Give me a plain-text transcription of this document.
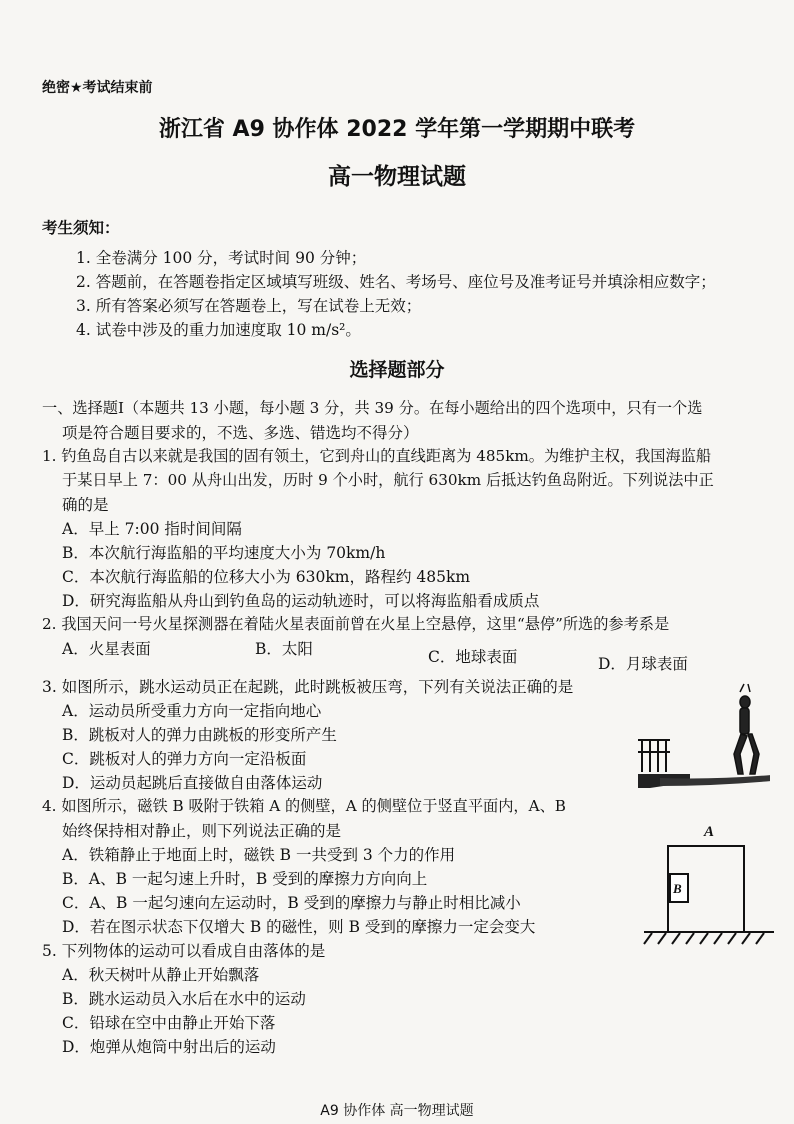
绝密★考试结束前
浙江省 A9 协作体 2022 学年第一学期期中联考
高一物理试题
考生须知：
1. 全卷满分 100 分，考试时间 90 分钟；
2. 答题前，在答题卷指定区域填写班级、姓名、考场号、座位号及准考证号并填涂相应数字；
3. 所有答案必须写在答题卷上，写在试卷上无效；
4. 试卷中涉及的重力加速度取 10 m/s²。
选择题部分
一、选择题Ⅰ（本题共 13 小题，每小题 3 分，共 39 分。在每小题给出的四个选项中，只有一个选
项是符合题目要求的，不选、多选、错选均不得分）
1. 钓鱼岛自古以来就是我国的固有领土，它到舟山的直线距离为 485km。为维护主权，我国海监船
于某日早上 7：00 从舟山出发，历时 9 个小时，航行 630km 后抵达钓鱼岛附近。下列说法中正
确的是
A．早上 7:00 指时间间隔
B．本次航行海监船的平均速度大小为 70km/h
C．本次航行海监船的位移大小为 630km，路程约 485km
D．研究海监船从舟山到钓鱼岛的运动轨迹时，可以将海监船看成质点
2. 我国天问一号火星探测器在着陆火星表面前曾在火星上空悬停，这里“悬停”所选的参考系是
A．火星表面	B．太阳	C．地球表面	D．月球表面
3. 如图所示，跳水运动员正在起跳，此时跳板被压弯，下列有关说法正确的是
A．运动员所受重力方向一定指向地心
B．跳板对人的弹力由跳板的形变所产生
C．跳板对人的弹力方向一定沿板面
D．运动员起跳后直接做自由落体运动
4. 如图所示，磁铁 B 吸附于铁箱 A 的侧壁，A 的侧壁位于竖直平面内，A、B
始终保持相对静止，则下列说法正确的是
A．铁箱静止于地面上时，磁铁 B 一共受到 3 个力的作用
B．A、B 一起匀速上升时，B 受到的摩擦力方向向上
C．A、B 一起匀速向左运动时，B 受到的摩擦力与静止时相比减小
D．若在图示状态下仅增大 B 的磁性，则 B 受到的摩擦力一定会变大
A
B
5. 下列物体的运动可以看成自由落体的是
A．秋天树叶从静止开始飘落
B．跳水运动员入水后在水中的运动
C．铅球在空中由静止开始下落
D．炮弹从炮筒中射出后的运动
A9 协作体 高一物理试题
